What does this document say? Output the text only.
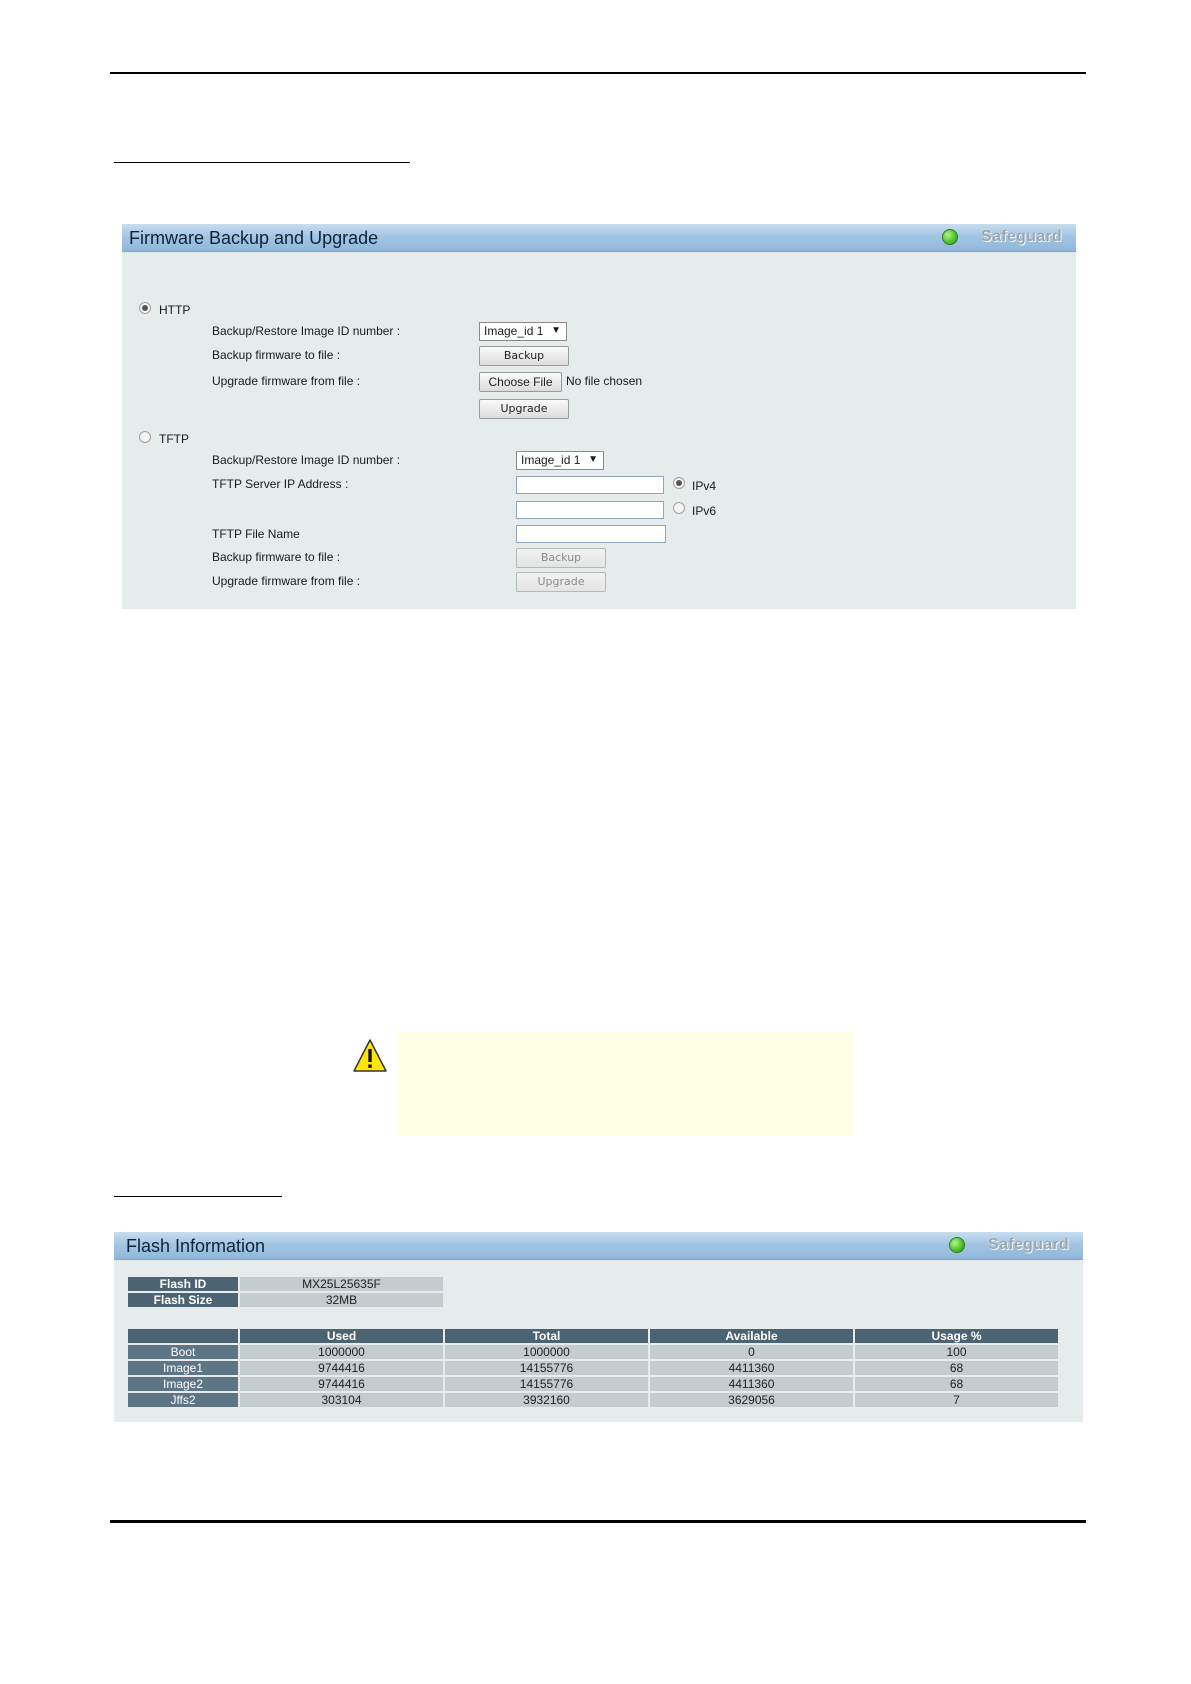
Firmware Backup and Upgrade	Safeguard
HTTP
Backup/Restore Image ID number :	Image_id 1 ▼
Backup firmware to file :	Backup
Upgrade firmware from file :	Choose File	No file chosen
Upgrade
TFTP
Backup/Restore Image ID number :	Image_id 1 ▼
TFTP Server IP Address :	IPv4
IPv6
TFTP File Name
Backup firmware to file :	Backup
Upgrade firmware from file :	Upgrade
Flash Information	Safeguard
Flash ID	MX25L25635F
Flash Size	32MB
	Used	Total	Available	Usage %
Boot	1000000	1000000	0	100
Image1	9744416	14155776	4411360	68
Image2	9744416	14155776	4411360	68
Jffs2	303104	3932160	3629056	7
